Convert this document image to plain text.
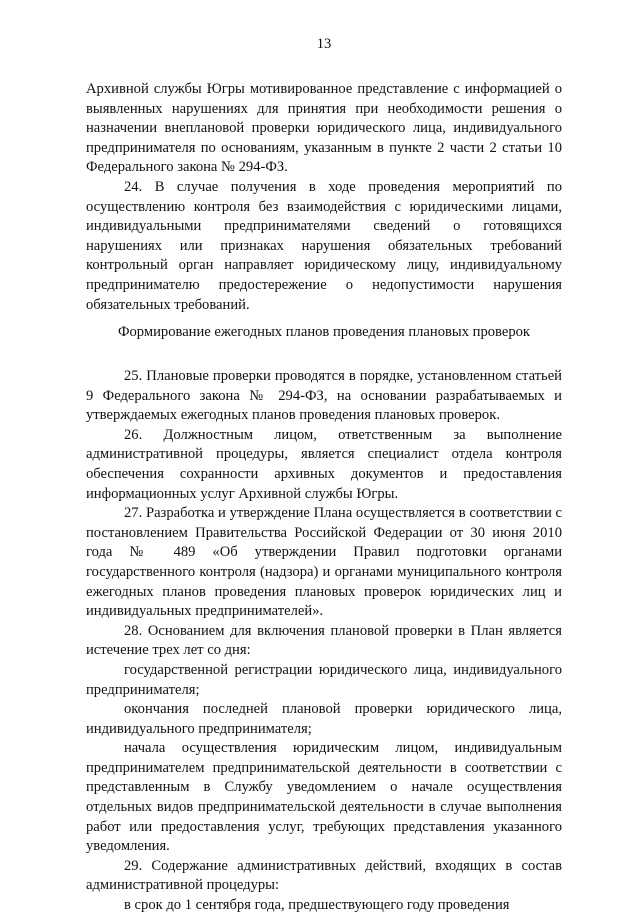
13

Архивной службы Югры мотивированное представление с информацией о выявленных нарушениях для принятия при необходимости решения о назначении внеплановой проверки юридического лица, индивидуального предпринимателя по основаниям, указанным в пункте 2 части 2 статьи 10 Федерального закона № 294-ФЗ.

24. В случае получения в ходе проведения мероприятий по осуществлению контроля без взаимодействия с юридическими лицами, индивидуальными предпринимателями сведений о готовящихся нарушениях или признаках нарушения обязательных требований контрольный орган направляет юридическому лицу, индивидуальному предпринимателю предостережение о недопустимости нарушения обязательных требований.

Формирование ежегодных планов проведения плановых проверок

25. Плановые проверки проводятся в порядке, установленном статьей 9 Федерального закона № 294-ФЗ, на основании разрабатываемых и утверждаемых ежегодных планов проведения плановых проверок.

26. Должностным лицом, ответственным за выполнение административной процедуры, является специалист отдела контроля обеспечения сохранности архивных документов и предоставления информационных услуг Архивной службы Югры.

27. Разработка и утверждение Плана осуществляется в соответствии с постановлением Правительства Российской Федерации от 30 июня 2010 года № 489 «Об утверждении Правил подготовки органами государственного контроля (надзора) и органами муниципального контроля ежегодных планов проведения плановых проверок юридических лиц и индивидуальных предпринимателей».

28. Основанием для включения плановой проверки в План является истечение трех лет со дня:

государственной регистрации юридического лица, индивидуального предпринимателя;

окончания последней плановой проверки юридического лица, индивидуального предпринимателя;

начала осуществления юридическим лицом, индивидуальным предпринимателем предпринимательской деятельности в соответствии с представленным в Службу уведомлением о начале осуществления отдельных видов предпринимательской деятельности в случае выполнения работ или предоставления услуг, требующих представления указанного уведомления.

29. Содержание административных действий, входящих в состав административной процедуры:

в срок до 1 сентября года, предшествующего году проведения
